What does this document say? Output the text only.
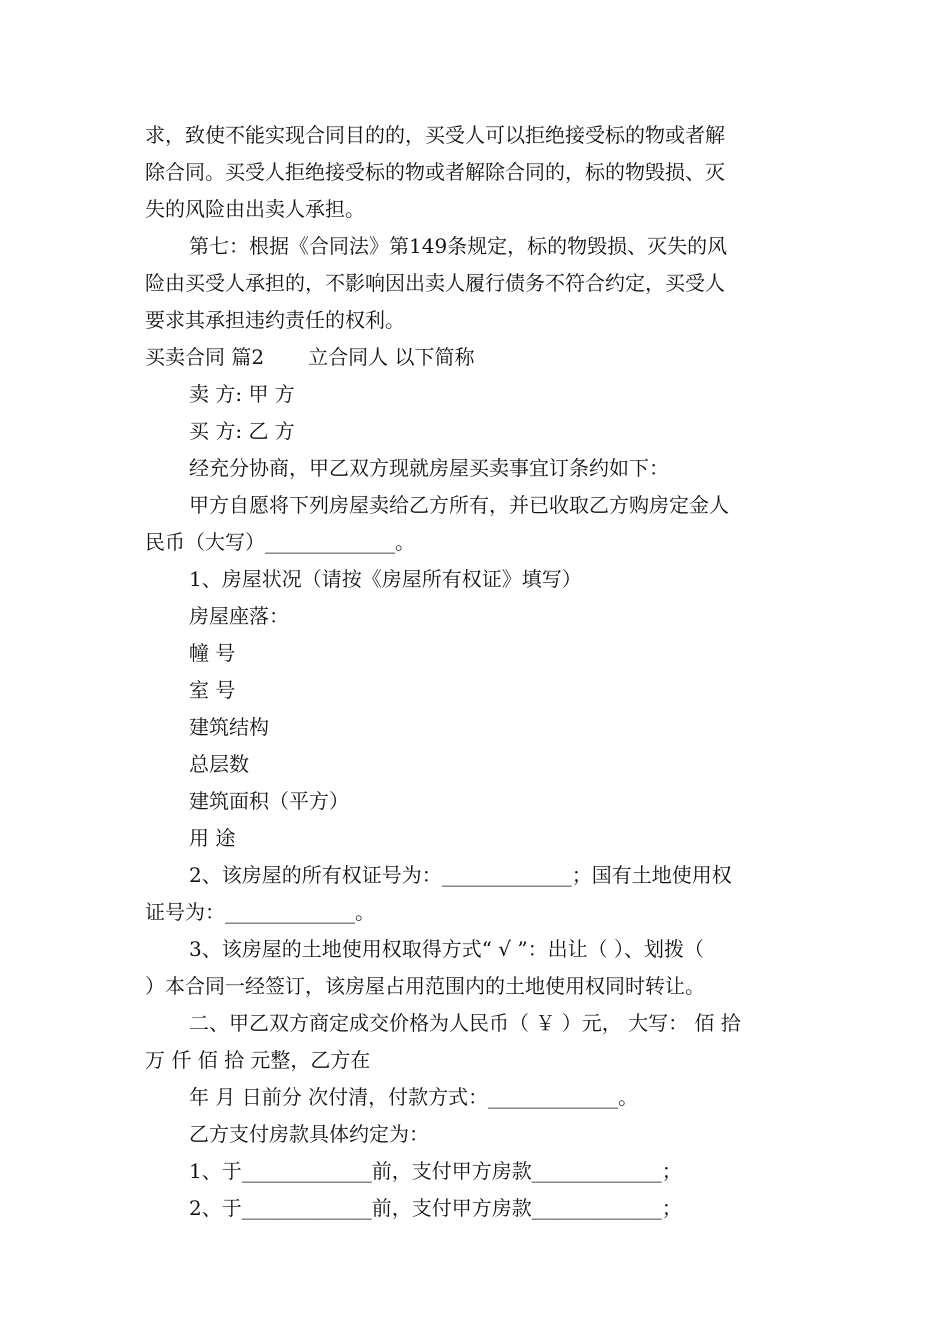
求，致使不能实现合同目的的，买受人可以拒绝接受标的物或者解
除合同。买受人拒绝接受标的物或者解除合同的，标的物毁损、灭
失的风险由出卖人承担。
第七：根据《合同法》第149条规定，标的物毁损、灭失的风
险由买受人承担的，不影响因出卖人履行债务不符合约定，买受人
要求其承担违约责任的权利。
买卖合同 篇2 立合同人 以下简称
卖 方: 甲 方
买 方: 乙 方
经充分协商，甲乙双方现就房屋买卖事宜订条约如下：
甲方自愿将下列房屋卖给乙方所有，并已收取乙方购房定金人
民币（大写）_____________。
1、房屋状况（请按《房屋所有权证》填写）
房屋座落：
幢 号
室 号
建筑结构
总层数
建筑面积（平方）
用 途
2、该房屋的所有权证号为：_____________；国有土地使用权
证号为：_____________。
3、该房屋的土地使用权取得方式“ √ ”：出让（ ）、划拨（
）本合同一经签订，该房屋占用范围内的土地使用权同时转让。
二、甲乙双方商定成交价格为人民币（ ￥ ）元， 大写： 佰 拾
万 仟 佰 拾 元整，乙方在
年 月 日前分 次付清，付款方式：_____________。
乙方支付房款具体约定为：
1、于_____________前，支付甲方房款_____________；
2、于_____________前，支付甲方房款_____________；
